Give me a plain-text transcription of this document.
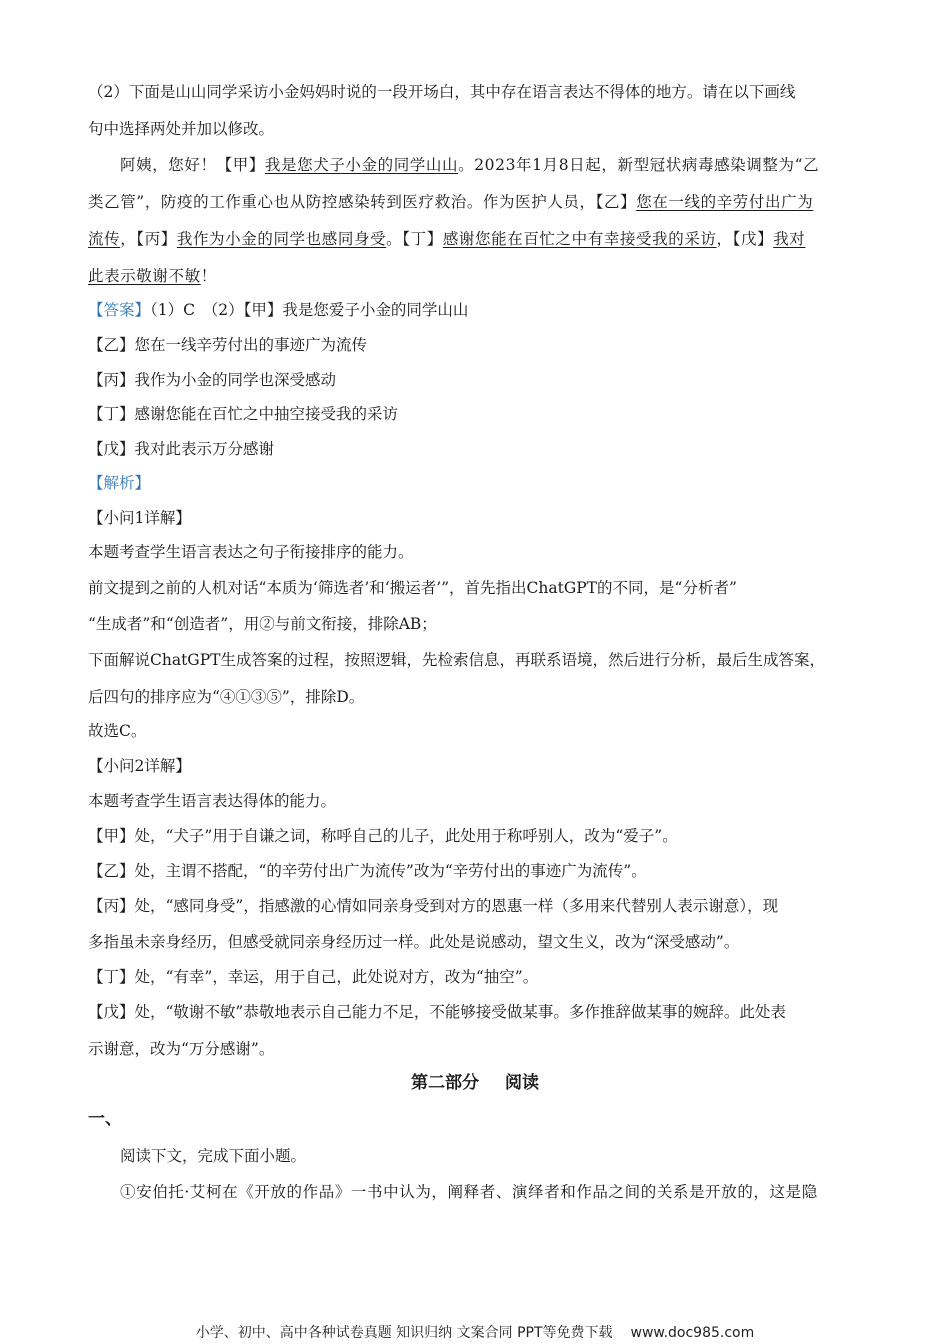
（2）下面是山山同学采访小金妈妈时说的一段开场白，其中存在语言表达不得体的地方。请在以下画线
句中选择两处并加以修改。
阿姨，您好！【甲】我是您犬子小金的同学山山。2023年1月8日起，新型冠状病毒感染调整为“乙
类乙管”，防疫的工作重心也从防控感染转到医疗救治。作为医护人员，【乙】您在一线的辛劳付出广为
流传，【丙】我作为小金的同学也感同身受。【丁】感谢您能在百忙之中有幸接受我的采访，【戊】我对
此表示敬谢不敏！
【答案】（1）C　（2）【甲】我是您爱子小金的同学山山
【乙】您在一线辛劳付出的事迹广为流传
【丙】我作为小金的同学也深受感动
【丁】感谢您能在百忙之中抽空接受我的采访
【戊】我对此表示万分感谢
【解析】
【小问1详解】
本题考查学生语言表达之句子衔接排序的能力。
前文提到之前的人机对话“本质为‘筛选者’和‘搬运者’”，首先指出ChatGPT的不同，是“分析者”
“生成者”和“创造者”，用②与前文衔接，排除AB；
下面解说ChatGPT生成答案的过程，按照逻辑，先检索信息，再联系语境，然后进行分析，最后生成答案，
后四句的排序应为“④①③⑤”，排除D。
故选C。
【小问2详解】
本题考查学生语言表达得体的能力。
【甲】处，“犬子”用于自谦之词，称呼自己的儿子，此处用于称呼别人，改为“爱子”。
【乙】处，主谓不搭配，“的辛劳付出广为流传”改为“辛劳付出的事迹广为流传”。
【丙】处，“感同身受”，指感激的心情如同亲身受到对方的恩惠一样（多用来代替别人表示谢意），现
多指虽未亲身经历，但感受就同亲身经历过一样。此处是说感动，望文生义，改为“深受感动”。
【丁】处，“有幸”，幸运，用于自己，此处说对方，改为“抽空”。
【戊】处，“敬谢不敏”恭敬地表示自己能力不足，不能够接受做某事。多作推辞做某事的婉辞。此处表
示谢意，改为“万分感谢”。
第二部分 阅读
一、
阅读下文，完成下面小题。
①安伯托·艾柯在《开放的作品》一书中认为，阐释者、演绎者和作品之间的关系是开放的，这是隐
小学、初中、高中各种试卷真题 知识归纳 文案合同 PPT等免费下载 www.doc985.com
